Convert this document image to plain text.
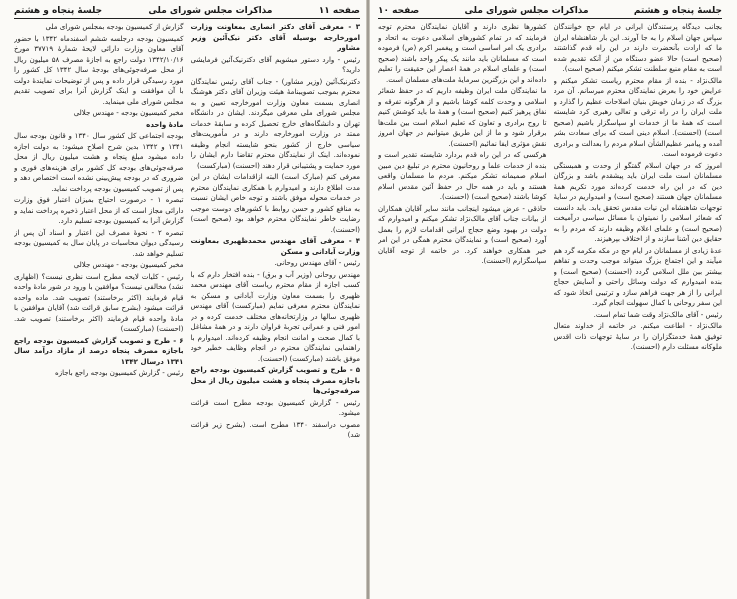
صفحه ۱۱
مذاکرات مجلس شورای ملی
جلسهٔ پنجاه و هشتم

۳ - معرفی آقای دکتر انصاری بمعاونت وزارت امورخارجه بوسیله آقای دکتر نیک‌آئین وزیر مشاور

رئیس - وارد دستور میشویم آقای دکترنیک‌آئین فرمایشی دارید؟

دکترنیک‌آئین (وزیر مشاور) - جناب آقای رئیس نمایندگان محترم بموجب تصویبنامهٔ هیئت وزیران آقای دکتر هوشنگ انصاری بسمت معاون وزارت امورخارجه تعیین و به مجلس شورای ملی معرفی میگردند. ایشان در دانشگاه تهران و دانشگاه‌های خارج تحصیل کرده و سابقهٔ خدمات ممتد در وزارت امورخارجه دارند و در مأموریت‌های سیاسی خارج از کشور بنحو شایسته انجام وظیفه نموده‌اند. اینک از نمایندگان محترم تقاضا دارم ایشان را مورد حمایت و پشتیبانی قرار دهند (احسنت) (مبارکست)

معرفی کنم (مبارک است) البته ازاقدامات ایشان در این مدت اطلاع دارند و امیدوارم با همکاری نمایندگان محترم در خدمات محوله موفق باشند و توجه خاص ایشان نسبت به منافع کشور و حسن روابط با کشورهای دوست موجب رضایت خاطر نمایندگان محترم خواهد بود (صحیح است) (احسنت).

۴ - معرفی آقای مهندس محمدظهیری بمعاونت وزارت آبادانی و مسکن

رئیس - آقای مهندس روحانی.

مهندس روحانی (وزیر آب و برق) - بنده افتخار دارم که با کسب اجازه از مقام محترم ریاست آقای مهندس محمد ظهیری را بسمت معاون وزارت آبادانی و مسکن به نمایندگان محترم معرفی نمایم (مبارکست) آقای مهندس ظهیری سالها در وزارتخانه‌های مختلف خدمت کرده و در امور فنی و عمرانی تجربهٔ فراوان دارند و در همهٔ مشاغل با کمال صحت و امانت انجام وظیفه کرده‌اند. امیدوارم با راهنمایی نمایندگان محترم در انجام وظایف خطیر خود موفق باشند (مبارکست) (احسنت).

۵ - طرح و تصویب گزارش کمیسیون بودجه راجع باجازه مصرف پنجاه و هشت میلیون ریال از محل صرفه‌جوئی‌ها

رئیس - گزارش کمیسیون بودجه مطرح است قرائت میشود.

مصوب دراسفند ۱۳۴۰ مطرح است. (بشرح زیر قرائت شد)

گزارش از کمیسیون بودجه بمجلس شورای ملی

کمیسیون بودجه درجلسه ششم اسفندماه ۱۳۴۲ با حضور آقای معاون وزارت دارائی لایحهٔ شمارهٔ ۳۷۷۱۹ مورخ ۱۳۴۲/۱۰/۱۶ دولت راجع به اجازهٔ مصرف ۵۸ میلیون ریال از محل صرفه‌جوئی‌های بودجهٔ سال ۱۳۴۲ کل کشور را مورد رسیدگی قرار داده و پس از توضیحات نمایندهٔ دولت با آن موافقت و اینک گزارش آنرا برای تصویب تقدیم مجلس شورای ملی مینماید.

مخبر کمیسیون بودجه - مهندس جلالی

مادهٔ واحده

بودجه اجتماعی کل کشور سال ۱۳۴۰ و قانون بودجه سال ۱۳۴۱ و ۱۳۴۲ بدین شرح اصلاح میشود: به دولت اجازه داده میشود مبلغ پنجاه و هشت میلیون ریال از محل صرفه‌جوئی‌های بودجه کل کشور برای هزینه‌های فوری و ضروری که در بودجه پیش‌بینی نشده است اختصاص دهد و پس از تصویب کمیسیون بودجه پرداخت نماید.

تبصره ۱ - درصورت احتیاج بمیزان اعتبار فوق وزارت دارائی مجاز است که از محل اعتبار ذخیره پرداخت نماید و گزارش آنرا به کمیسیون بودجه تسلیم دارد.

تبصره ۲ - نحوهٔ مصرف این اعتبار و اسناد آن پس از رسیدگی دیوان محاسبات در پایان سال به کمیسیون بودجه تسلیم خواهد شد.

مخبر کمیسیون بودجه - مهندس جلالی

رئیس - کلیات لایحه مطرح است نظری نیست؟ (اظهاری نشد) مخالفی نیست؟ موافقین با ورود در شور مادهٔ واحده قیام فرمایند (اکثر برخاستند) تصویب شد. ماده واحده قرائت میشود (بشرح سابق قرائت شد) آقایان موافقین با مادهٔ واحده قیام فرمایند (اکثر برخاستند) تصویب شد. (احسنت) (مبارکست)

۶ - طرح و تصویب گزارش کمیسیون بودجه راجع باجازه مصرف پنجاه درصد از مازاد درآمد سال ۱۳۴۱ درسال ۱۳۴۲

رئیس - گزارش کمیسیون بودجه راجع باجازه

جلسهٔ پنجاه و هشتم
مذاکرات مجلس شورای ملی
صفحه ۱۰

بجانب دیدگاه پرستندگان ایرانی در ایام حج خوانندگان سپاس جهان اسلام را به جا آورند. این بار شاهنشاه ایران ما که ارادت بآنحضرت دارند در این راه قدم گذاشتند (صحیح است) حالا عضو دستگاه من از آنکه تقدیم شده است به مقام منیع سلطنت تشکر میکنم (صحیح است).

مالک‌نژاد - بنده از مقام محترم ریاست تشکر میکنم و عرایض خود را بعرض نمایندگان محترم میرسانم. آن مرد بزرگ که در زمان خویش بنیان اصلاحات عظیم را گذارد و ملت ایران را در راه ترقی و تعالی رهبری کرد شایسته است که همهٔ ما از خدمات او سپاسگزار باشیم (صحیح است) (احسنت). اسلام دینی است که برای سعادت بشر آمده و پیامبر عظیم‌الشأن اسلام مردم را بعدالت و برادری دعوت فرموده است.

امروز که در جهان اسلام گفتگو از وحدت و همبستگی مسلمانان است ملت ایران باید پیشقدم باشد و بزرگان دین که در این راه خدمت کرده‌اند مورد تکریم همهٔ مسلمانان جهان هستند (صحیح است) و امیدواریم در سایهٔ توجهات شاهنشاه این نیات مقدس تحقق یابد. باید دانست که شعائر اسلامی را نمیتوان با مسائل سیاسی درآمیخت (صحیح است) و علمای اعلام وظیفه دارند که مردم را به حقایق دین آشنا سازند و از اختلاف بپرهیزند.

عدهٔ زیادی از مسلمانان در ایام حج در مکه مکرمه گرد هم میآیند و این اجتماع بزرگ میتواند موجب وحدت و تفاهم بیشتر بین ملل اسلامی گردد (احسنت) (صحیح است) و بنده امیدوارم که دولت وسائل راحتی و آسایش حجاج ایرانی را از هر جهت فراهم سازد و ترتیبی اتخاذ شود که این سفر روحانی با کمال سهولت انجام گیرد.

رئیس - آقای مالک‌نژاد وقت شما تمام است.

مالک‌نژاد - اطاعت میکنم. در خاتمه از خداوند متعال توفیق همهٔ خدمتگزاران را در سایهٔ توجهات ذات اقدس ملوکانه مسئلت دارم (احسنت).

کشورها نظری دارند و آقایان نمایندگان محترم توجه فرمایند که در تمام کشورهای اسلامی دعوت به اتحاد و برادری یک امر اساسی است و پیغمبر اکرم (ص) فرموده است که مسلمانان باید مانند یک پیکر واحد باشند (صحیح است) و علمای اسلام در همهٔ اعصار این حقیقت را تعلیم داده‌اند و این بزرگترین سرمایهٔ ملت‌های مسلمان است.

ما نمایندگان ملت ایران وظیفه داریم که در حفظ شعائر اسلامی و وحدت کلمه کوشا باشیم و از هرگونه تفرقه و نفاق پرهیز کنیم (صحیح است) و همهٔ ما باید کوشش کنیم تا روح برادری و تعاون که تعلیم اسلام است بین ملت‌ها برقرار شود و ما از این طریق میتوانیم در جهان امروز نقش مؤثری ایفا نمائیم (احسنت).

هرکسی که در این راه قدم بردارد شایسته تقدیر است و بنده از خدمات علما و روحانیون محترم در تبلیغ دین مبین اسلام صمیمانه تشکر میکنم. مردم ما مسلمان واقعی هستند و باید در همه حال در حفظ آئین مقدس اسلام کوشا باشند (صحیح است) (احسنت).

حاذقی - عرض میشود اینجانب مانند سایر آقایان همکاران از بیانات جناب آقای مالک‌نژاد تشکر میکنم و امیدوارم که دولت در بهبود وضع حجاج ایرانی اقدامات لازم را بعمل آورد (صحیح است) و نمایندگان محترم همگی در این امر خیر همکاری خواهند کرد. در خاتمه از توجه آقایان سپاسگزارم (احسنت).
